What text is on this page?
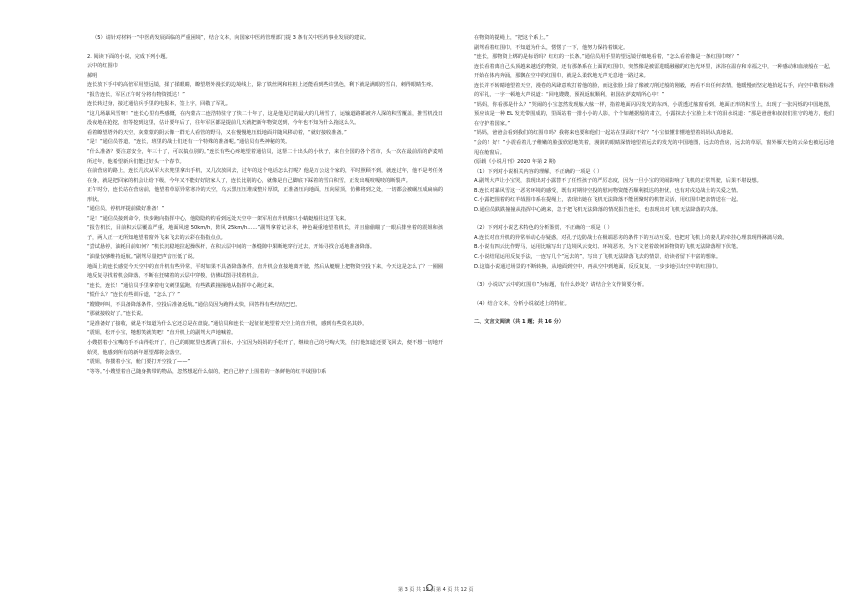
（5）请针对材料一“中医药发展面临的严重困境”，结合文本，向国家中医药管理部门提 3 条有关中医药事业发展的建议。

2. 阅读下面的小说，完成下列小题。

云中的红围巾

郝明

连长放下手中的高倍军用望远镜，揉了揉眼睛，瞭望塔外漫长的边境线上，除了铁丝网和柱桩上还能看到些许黑色，剩下就是满眼的雪白，刺得眼睛生疼。

“报告连长，军区正午时分将有物资抵达！”

连长转过身，接过通信兵手里的电报本，签上字，回敬了军礼。

“这几场暴风雪呀！”连长心里有些感慨，在内蒙古二连浩特驻守了快二十年了，这是他见过的最大的几场雪了，运输道路都被齐人深的积雪覆盖，推雪机没日没夜地在抢挖，但等挖到这里，估计要年后了，往年军区都是提前几天就把新年物资送到，今年也不知为什么拖这么久。

看着瞭望塔外的天空，灰蒙蒙的阴云像一群无人看管的野马，又在慢慢地压低地面并随风移动着，“就好接收准备。”

“是！”通信员答道，“连长，班里的战士们还有一个特殊的准备呢。”通信员有些神秘的笑。

“什么准备？要注意安全，年三十了，可以搞点别的。”连长有些心疼地望着通信员，这帮二十出头的小伙子，来自全国的各个省市，头一次在最前沿的萨麦哨所过年，他希望新兵们能过好头一个春节。

在前营房的路上，连长几次从军大衣兜里拿出手机，又几次放回去，过年的这个电话怎么打呢？他是万公这个家的，平时照顾不到，就连过年，他不是考任务在身，就是把回家的机会让给下级，今年又不能好好陪家人了，连长比别的心，就像是自己脚底下踩着的雪白积雪，正发出嘎吱嘎吱的断裂声。

正午时分，连长站在营房前，他望着草原异常寒冷的天空，乌云黑压压堆成整片厚铁，正准备压向地面，压向屋顶，仿佛将到之处，一切都会被碾压成扁扁的形状。

“通信员，停机坪提前做好准备！”

“是！”通信员接到命令，快步跑向指挥中心，他隐隐约约看到远处天空中一架军用直升机像只小蜻蜓般往这里飞来。

“报告机长，目前积云层覆盖严重，地面风速 50km/h，阵风 25km/h……”副驾拿着记录本，神色凝重地望着机长，并且偷偷瞄了一眼后排坐着的震姐和孩子，两人正一无所知地望着窗外飞来飞去的云彩在指指点点。

“尝试悬停，油耗目前如何？”机长沉稳地拉起操纵杆，在积云层中间的一条缝隙中果断地穿行过去，开始寻找合适地准备降落。

“油量仅够维持返航。”副驾尽量把声音压低了说。

地面上的连长感觉今天空中的直升机有些异常，平时如果不具备降落条件，直升机会直接地离开驶，然后从艇舰上把物资空投下来，今天这是怎么了？一圈圈地反复寻找着机会降落，不断在狂啸着的云层中穿梭，仿佛试图寻找着机会。

“连长，连长！”通信员手里拿着电文刺里猛跑，有些跌跌撞撞地从指挥中心跑过来。

“慌什么？”连长有些训斥道，“怎么了？”

“嫂嫂呼叫，不具备降落条件，空投后准备返航。”通信员因为跑得太快，回答得有些结结巴巴。

“那就接收好了。”连长说。

“是准备好了接收，就是不知道为什么它还总是在盘旋。”通信员和连长一起征征地望着天空上的直升机，感到有些莫名其妙。

“震姐，松开小宝，牠想笑就笑吧！”直升机上的副驾大声地喊着。

小嫂搭着小宝嘴的手不由得松开了，自己的眼眶里也蓄满了泪水，小宝因为妈妈的手松开了，继续自己的号啕大笑，自打他知道还要飞回去，便不想一切地开始哭，他感到所有的新年愿望都将会落空。

“震姐，你搂着小宝，舱门要打开空投了——”

“等等。”小嫂望着自己随身携带的物品，忽然想起什么似的，把自己脖子上围着的一条鲜艳的红羊绒围巾系

在物资的提绳上，“把这个系上。”

副驾看着红围巾，不知道为什么，愣愣了一下，他努力保持着镇定。

“连长，那物资上绑的是标语吗？红红的一长条。”通信员用手里的望远镜仔细地看着，“怎么看着像是一条红围巾呀？”

连长看着离自己头顶越来越近的物资，还有那条系在上面的红围巾，突然像是被雷进暖融融的红色光环里，沐浴在温存和幸福之中，一种感动和血液般在一起，开始在体内奔涌，那飘在空中的红围巾，就是么柔软地无声无息地一路过来。

连长并不转睛地望着天空，漫卷的风肆意吹打着他的脸，而这张脸上除了像被刀削过般的刚毅，再看不出任何表情，他暖慢而坚定地抬起右手，向空中敬着标准的军礼，一字一顿地大声说道：“回电嫂嫂，预祝返航顺利，祖国在萨麦哨所心中！”

“妈妈，你看那是什么？”哭闹的小宝忽然发现舷大舷一样，指着地面闪闪发光的东西，小震透过舷窗看到，地面正形的积雪上，出现了一张闪烁的中国地图，预应该是一种 EL 发光带围成的，里面站着一排小小的人影，个个如蘸据般的肃立，小露抹去小宝脸上未干的泪水说道：“那是爸爸和叔叔们驻守的地方，他们在守护着国家。”

“妈妈，爸爸会看到我们的红围巾吗？我将来也要和他们一起站在里面好不好？”小宝似懂非懂地望着妈妈认真地说。

“会的！好！”小震看着儿子稚嫩的脸蛋欣慰地笑着，漫润的眼睛深情地望着远去的发光的中国地图，远去的营房，远去的草原，窗外雁天色的云朵也被远远地甩在舱窗后。

(原载《小说月刊》2020 年第 2 期)

（1）下列对小说相关内容的理解，不正确的一项是（ ）

A.副驾大声让小宝哭，表现出对小露替不了任性孩子的严厉态度，因为一旦小宝的哭闹影响了飞机的正常驾驶，后果不堪设想。

B.连长对暴风雪这一恶劣环境的感受，既有对期待空投的慰问物资能否顺利抵达的担忧，也有对戍边战士的关爱之情。

C.小露把围着的红羊绒围巾系在提绳上，表现出她在飞机无法降落不能团聚时的机智灵活，用红围巾把亲情送在一起。

D.通信员跌跌撞撞从指挥中心跑来，急于把飞机无法降落的情况报告连长，也表现出对飞机无法降落的失落。

（2）下列对小说艺术特色的分析鉴赏，不正确的一项是（ ）

A.连长对直升机的异常举动心存疑惑，对孔子边防战士在极端恶劣的条件下的互动互爱，也把对飞机上的妻儿的牵挂心理表现得淋漓尽致。

B.小说有四云比作野马，运用比喻写出了边境风云变幻、环境恶劣，为下文老着敢何诉物资的飞机无法降落埋下伏笔。

C.小说结尾运用反复手法，一连写几个“远去的”，写出了飞机无法降落飞去的情景，给读者留下丰富的想象。

D.这篇小说通过场景的不断转换，从地面到空中，再从空中到地面，反反复复，一步步地引出空中的红围巾。

（3）小说以“云中的红围巾”为标题，有什么妙处？请结合全文作简要分析。

（4）结合文本，分析小说叙述上的特征。

二、文言文阅读（共 1 题；共 16 分）

第 3 页 共 12 页 第 4 页 共 12 页
